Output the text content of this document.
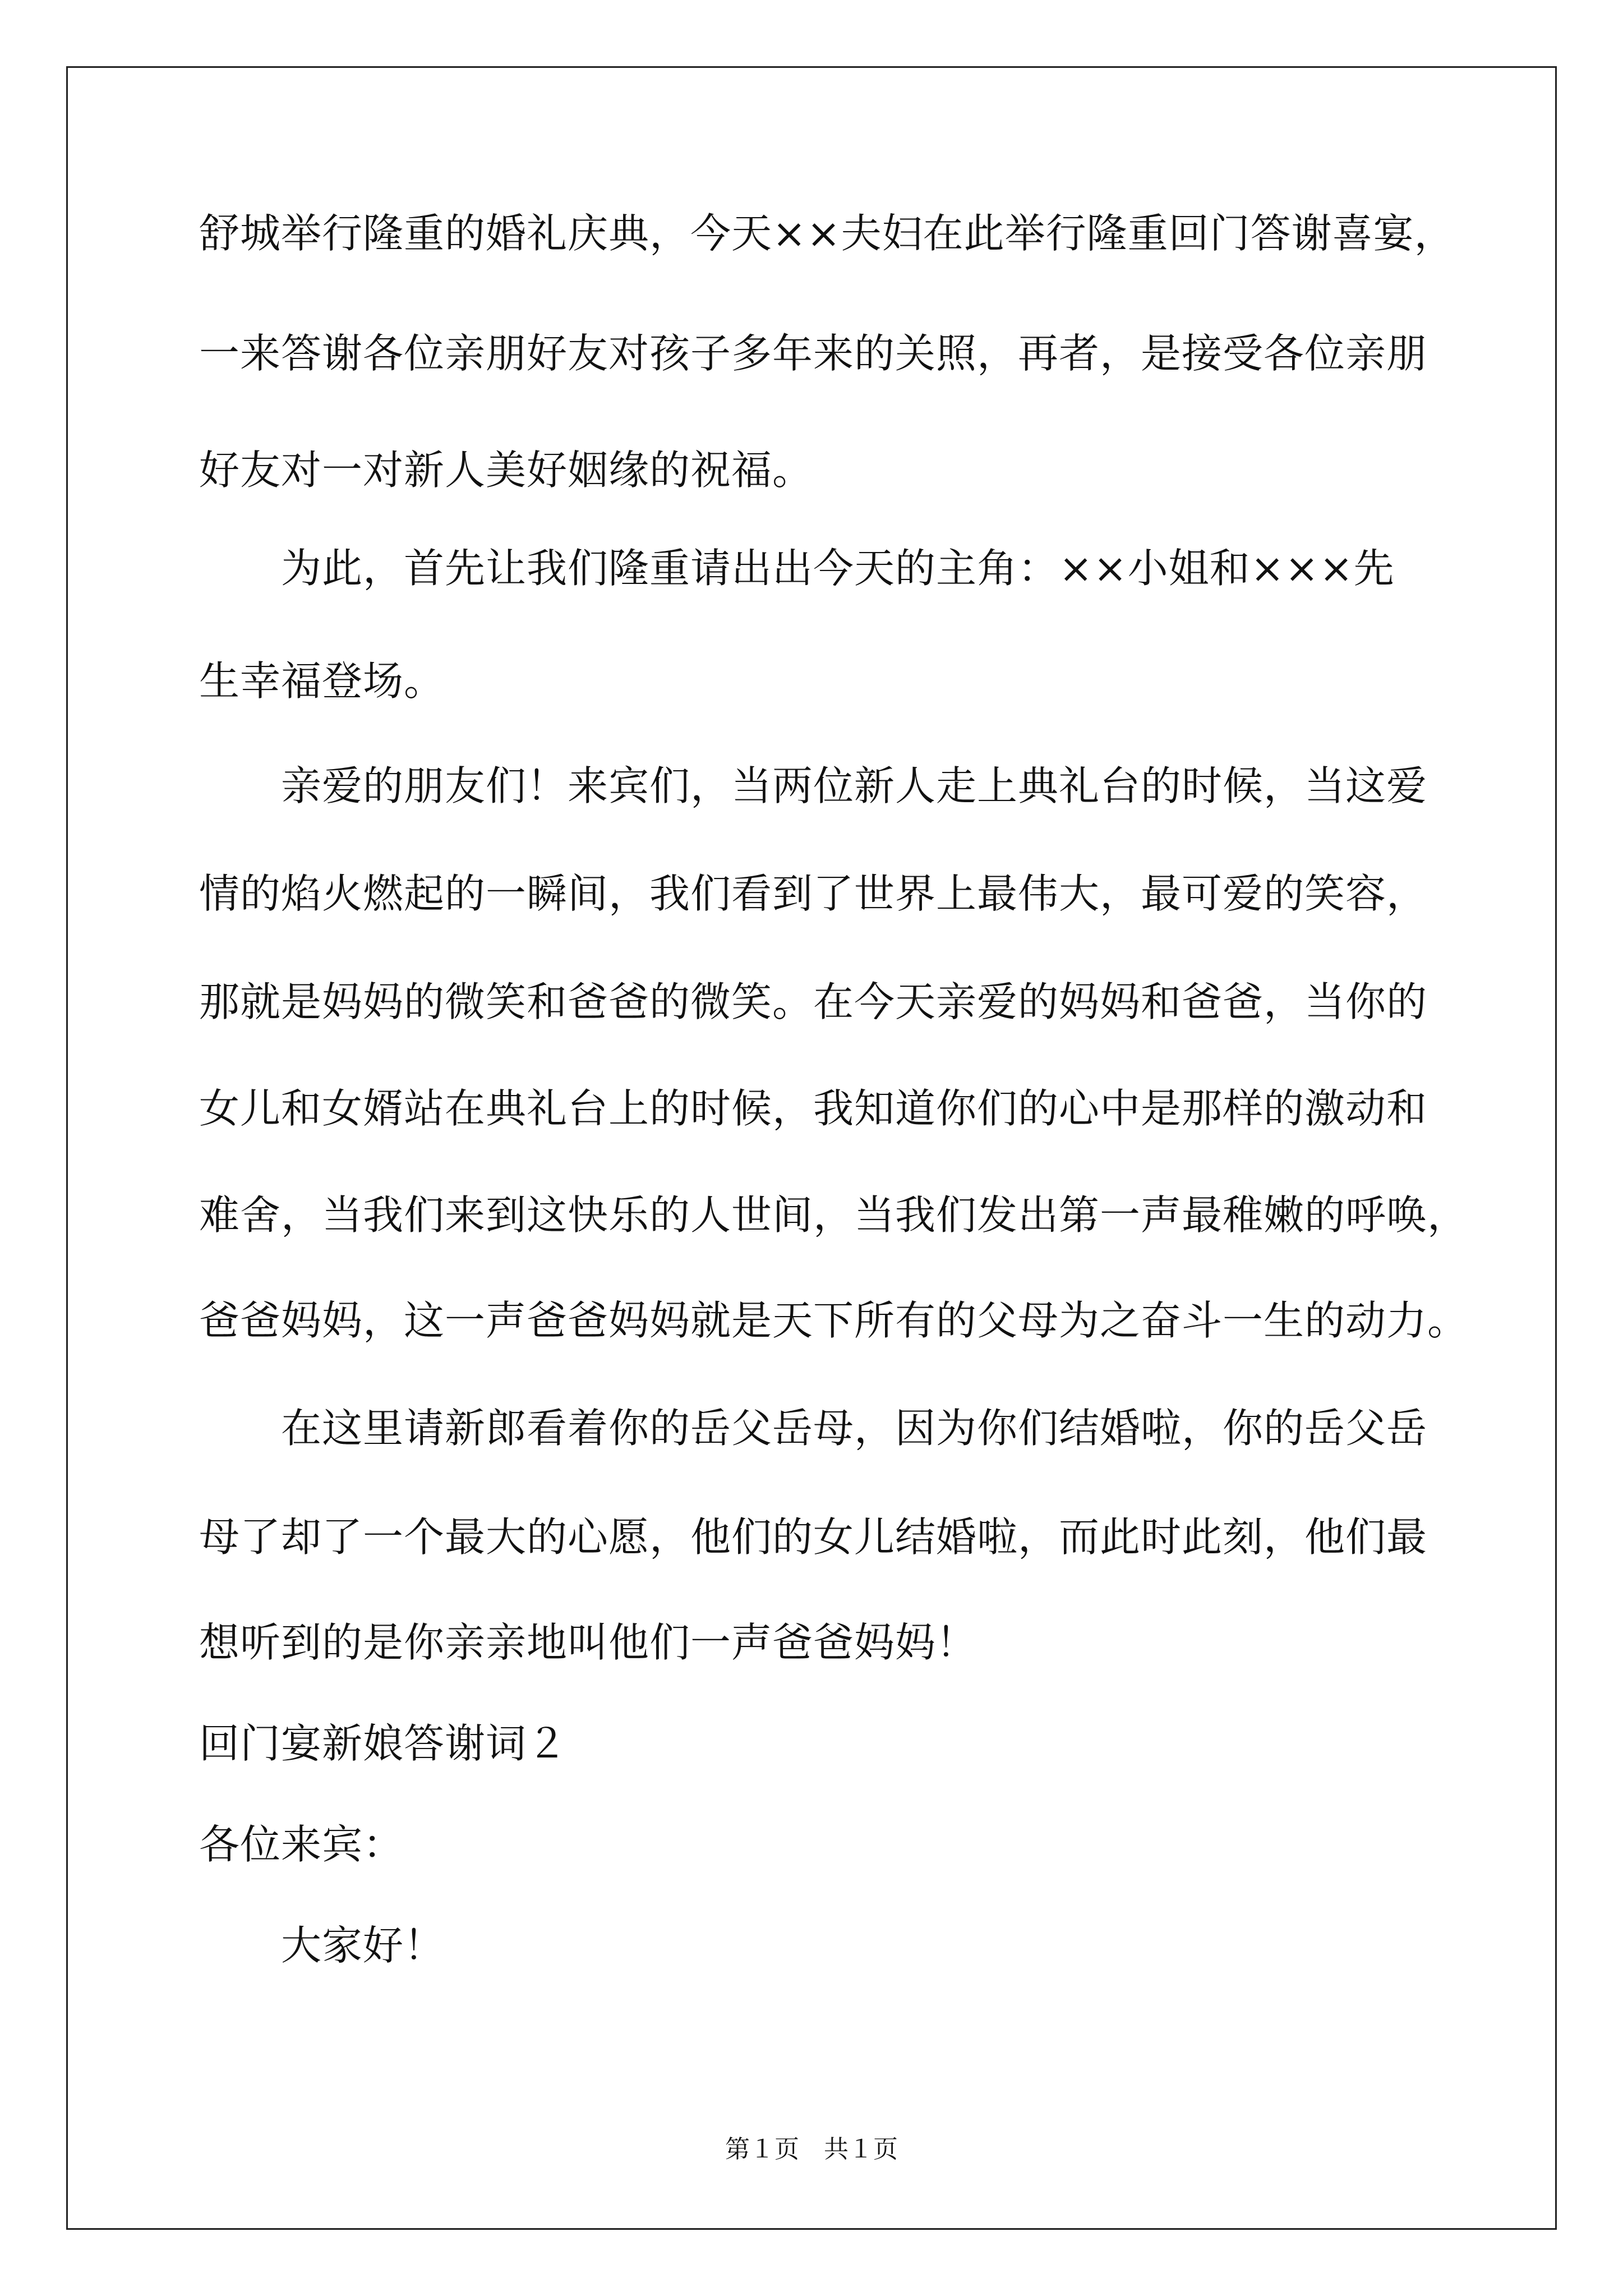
舒城举行隆重的婚礼庆典，今天××夫妇在此举行隆重回门答谢喜宴，
一来答谢各位亲朋好友对孩子多年来的关照，再者，是接受各位亲朋
好友对一对新人美好姻缘的祝福。
为此，首先让我们隆重请出出今天的主角：××小姐和×××先
生幸福登场。
亲爱的朋友们！来宾们，当两位新人走上典礼台的时候，当这爱
情的焰火燃起的一瞬间，我们看到了世界上最伟大，最可爱的笑容，
那就是妈妈的微笑和爸爸的微笑。在今天亲爱的妈妈和爸爸，当你的
女儿和女婿站在典礼台上的时候，我知道你们的心中是那样的激动和
难舍，当我们来到这快乐的人世间，当我们发出第一声最稚嫩的呼唤，
爸爸妈妈，这一声爸爸妈妈就是天下所有的父母为之奋斗一生的动力。
在这里请新郎看着你的岳父岳母，因为你们结婚啦，你的岳父岳
母了却了一个最大的心愿，他们的女儿结婚啦，而此时此刻，他们最
想听到的是你亲亲地叫他们一声爸爸妈妈！
回门宴新娘答谢词２
各位来宾：
大家好！
第１页　共１页
